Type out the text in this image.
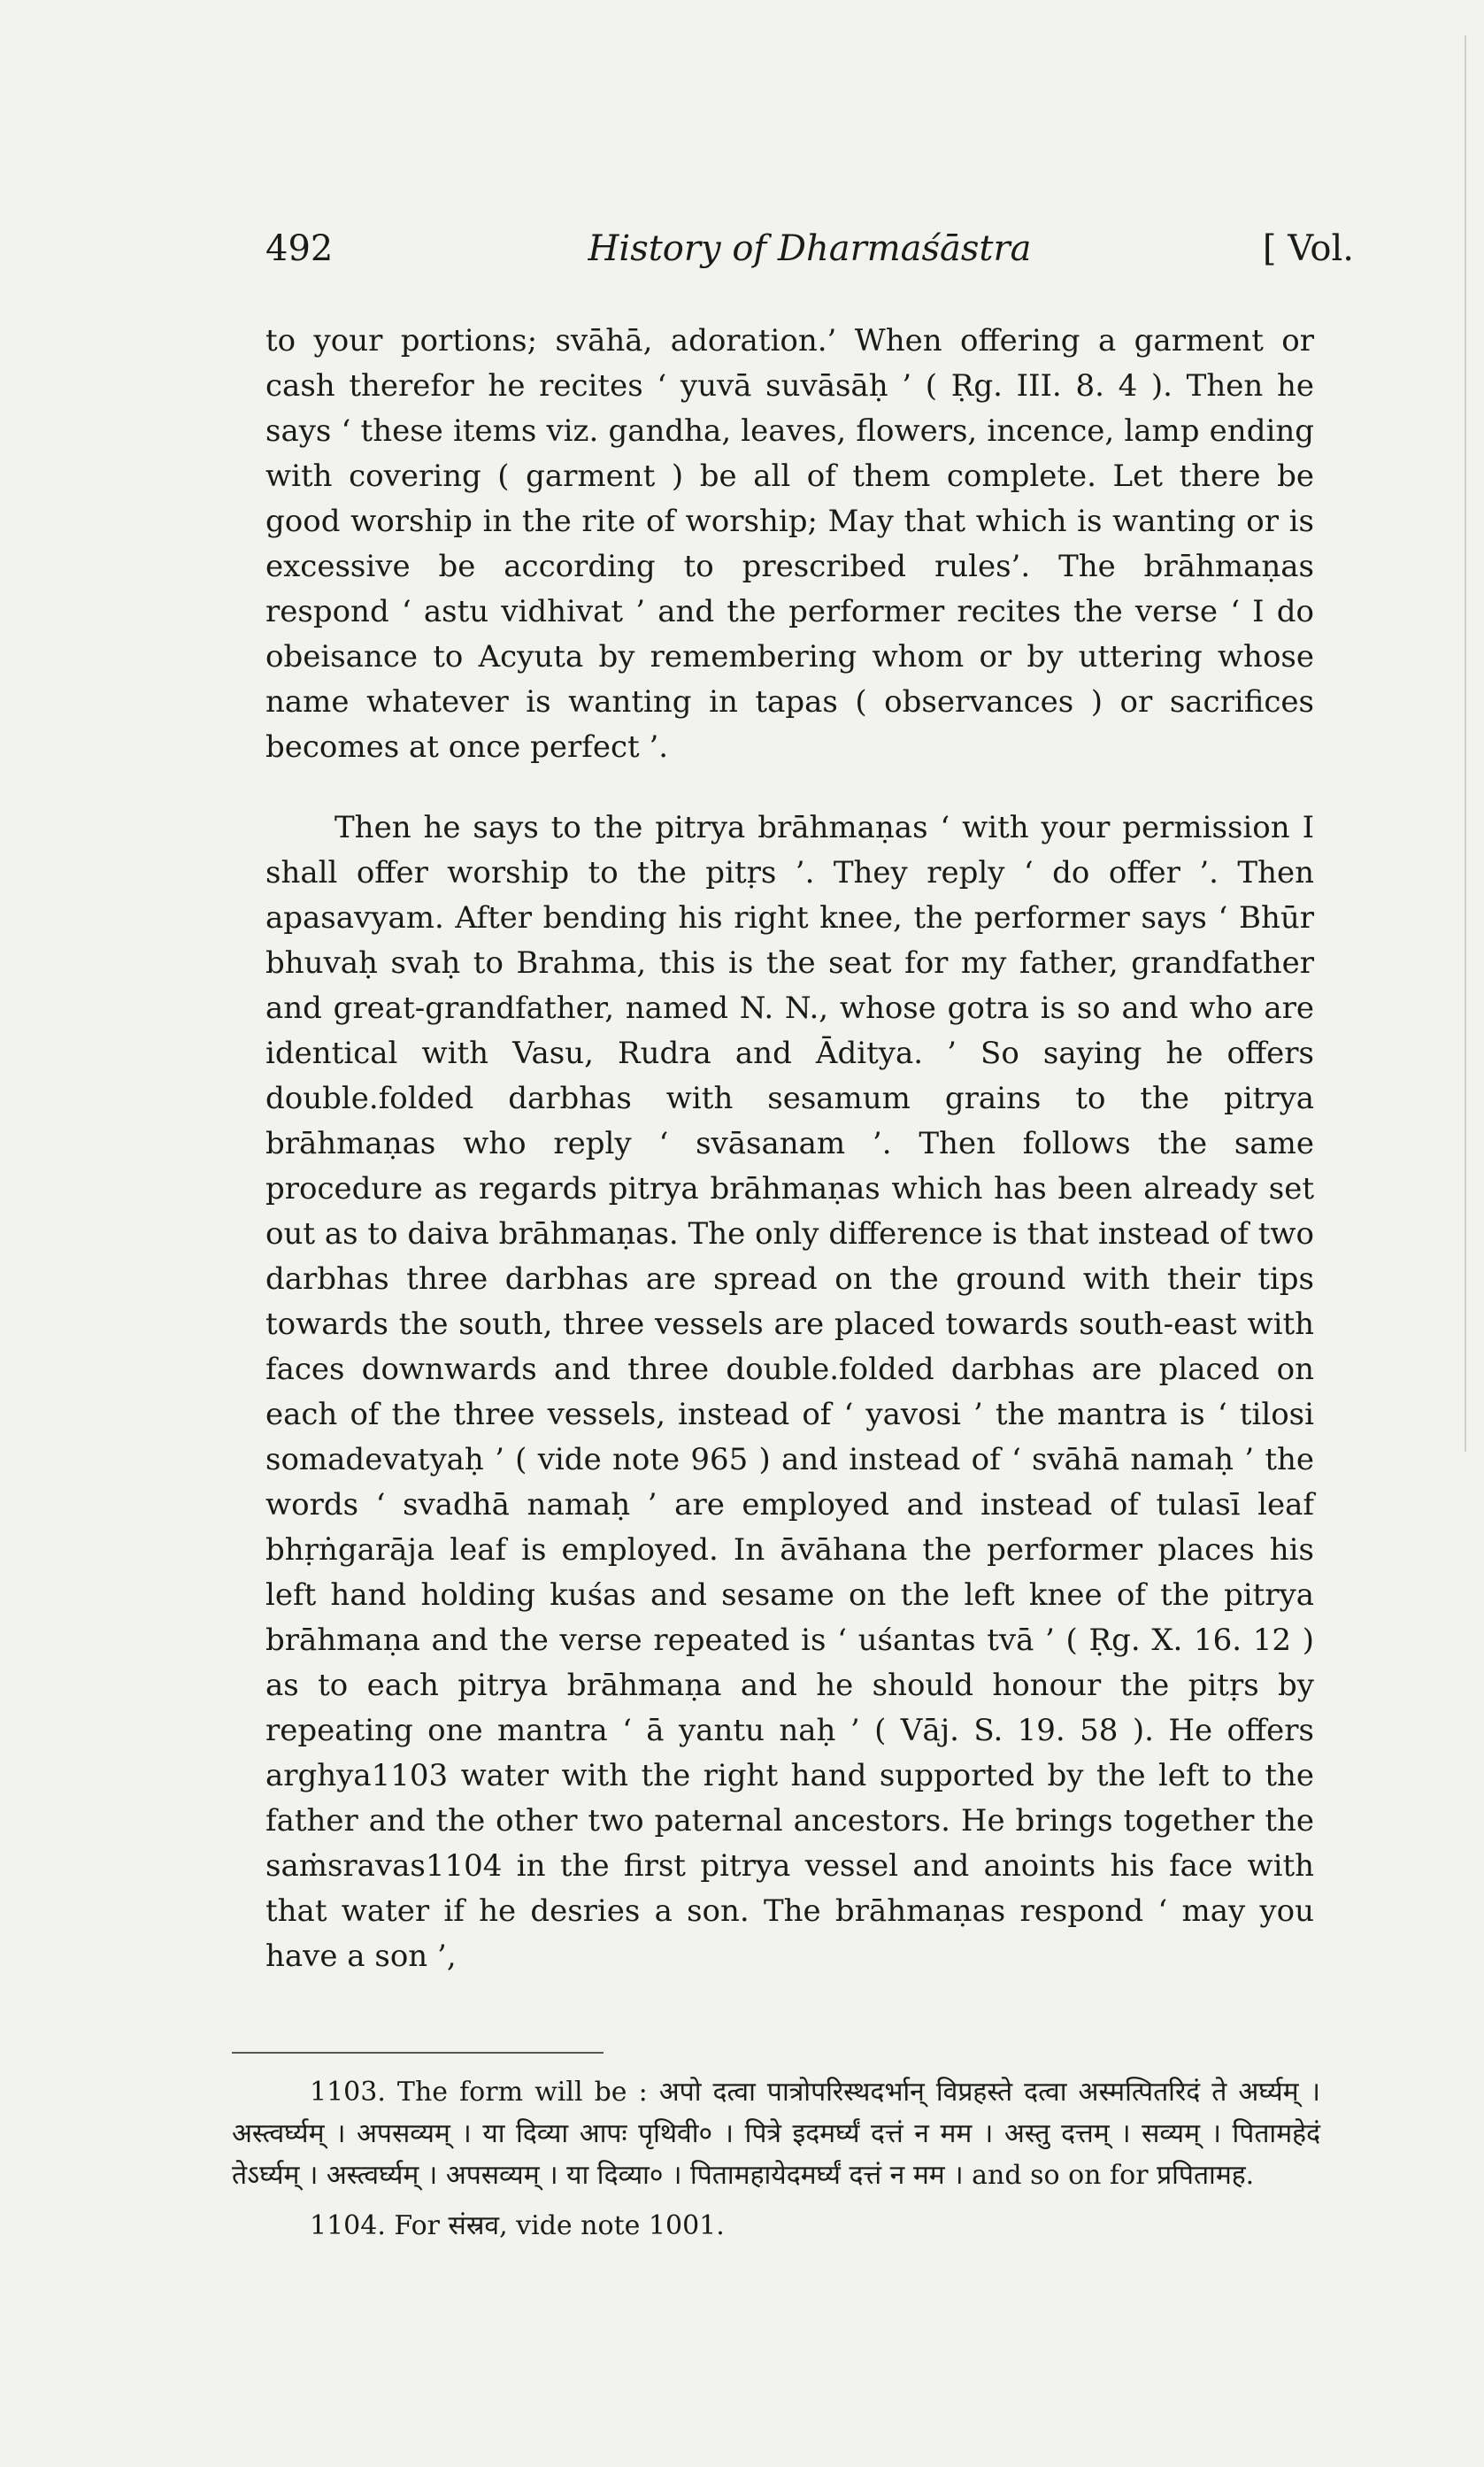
492	History of Dharmaśāstra	[ Vol.

to your portions; svāhā, adoration.’ When offering a garment or cash therefor he recites ‘ yuvā suvāsāḥ ’ ( Ṛg. III. 8. 4 ). Then he says ‘ these items viz. gandha, leaves, flowers, incence, lamp ending with covering ( garment ) be all of them complete. Let there be good worship in the rite of worship; May that which is wanting or is excessive be according to prescribed rules’. The brāhmaṇas respond ‘ astu vidhivat ’ and the performer recites the verse ‘ I do obeisance to Acyuta by remembering whom or by uttering whose name whatever is wanting in tapas ( observances ) or sacrifices becomes at once perfect ’.

Then he says to the pitrya brāhmaṇas ‘ with your permission I shall offer worship to the pitṛs ’. They reply ‘ do offer ’. Then apasavyam. After bending his right knee, the performer says ‘ Bhūr bhuvaḥ svaḥ to Brahma, this is the seat for my father, grandfather and great-grandfather, named N. N., whose gotra is so and who are identical with Vasu, Rudra and Āditya. ’ So saying he offers double.folded darbhas with sesamum grains to the pitrya brāhmaṇas who reply ‘ svāsanam ’. Then follows the same procedure as regards pitrya brāhmaṇas which has been already set out as to daiva brāhmaṇas. The only difference is that instead of two darbhas three darbhas are spread on the ground with their tips towards the south, three vessels are placed towards south-east with faces downwards and three double.folded darbhas are placed on each of the three vessels, instead of ‘ yavosi ’ the mantra is ‘ tilosi somadevatyaḥ ’ ( vide note 965 ) and instead of ‘ svāhā namaḥ ’ the words ‘ svadhā namaḥ ’ are employed and instead of tulasī leaf bhṛṅgarāja leaf is employed. In āvāhana the performer places his left hand holding kuśas and sesame on the left knee of the pitrya brāhmaṇa and the verse repeated is ‘ uśantas tvā ’ ( Ṛg. X. 16. 12 ) as to each pitrya brāhmaṇa and he should honour the pitṛs by repeating one mantra ‘ ā yantu naḥ ’ ( Vāj. S. 19. 58 ). He offers arghya1103 water with the right hand supported by the left to the father and the other two paternal ancestors. He brings together the saṁsravas1104 in the first pitrya vessel and anoints his face with that water if he desries a son. The brāhmaṇas respond ‘ may you have a son ’,

1103. The form will be : अपो दत्वा पात्रोपरिस्थदर्भान् विप्रहस्ते दत्वा अस्मत्पितरिदं ते अर्घ्यम् । अस्त्वर्घ्यम् । अपसव्यम् । या दिव्या आपः पृथिवी० । पित्रे इदमर्घ्यं दत्तं न मम । अस्तु दत्तम् । सव्यम् । पितामहेदं तेऽर्घ्यम् । अस्त्वर्घ्यम् । अपसव्यम् । या दिव्या० । पितामहायेदमर्घ्यं दत्तं न मम । and so on for प्रपितामह.

1104. For संस्रव, vide note 1001.
